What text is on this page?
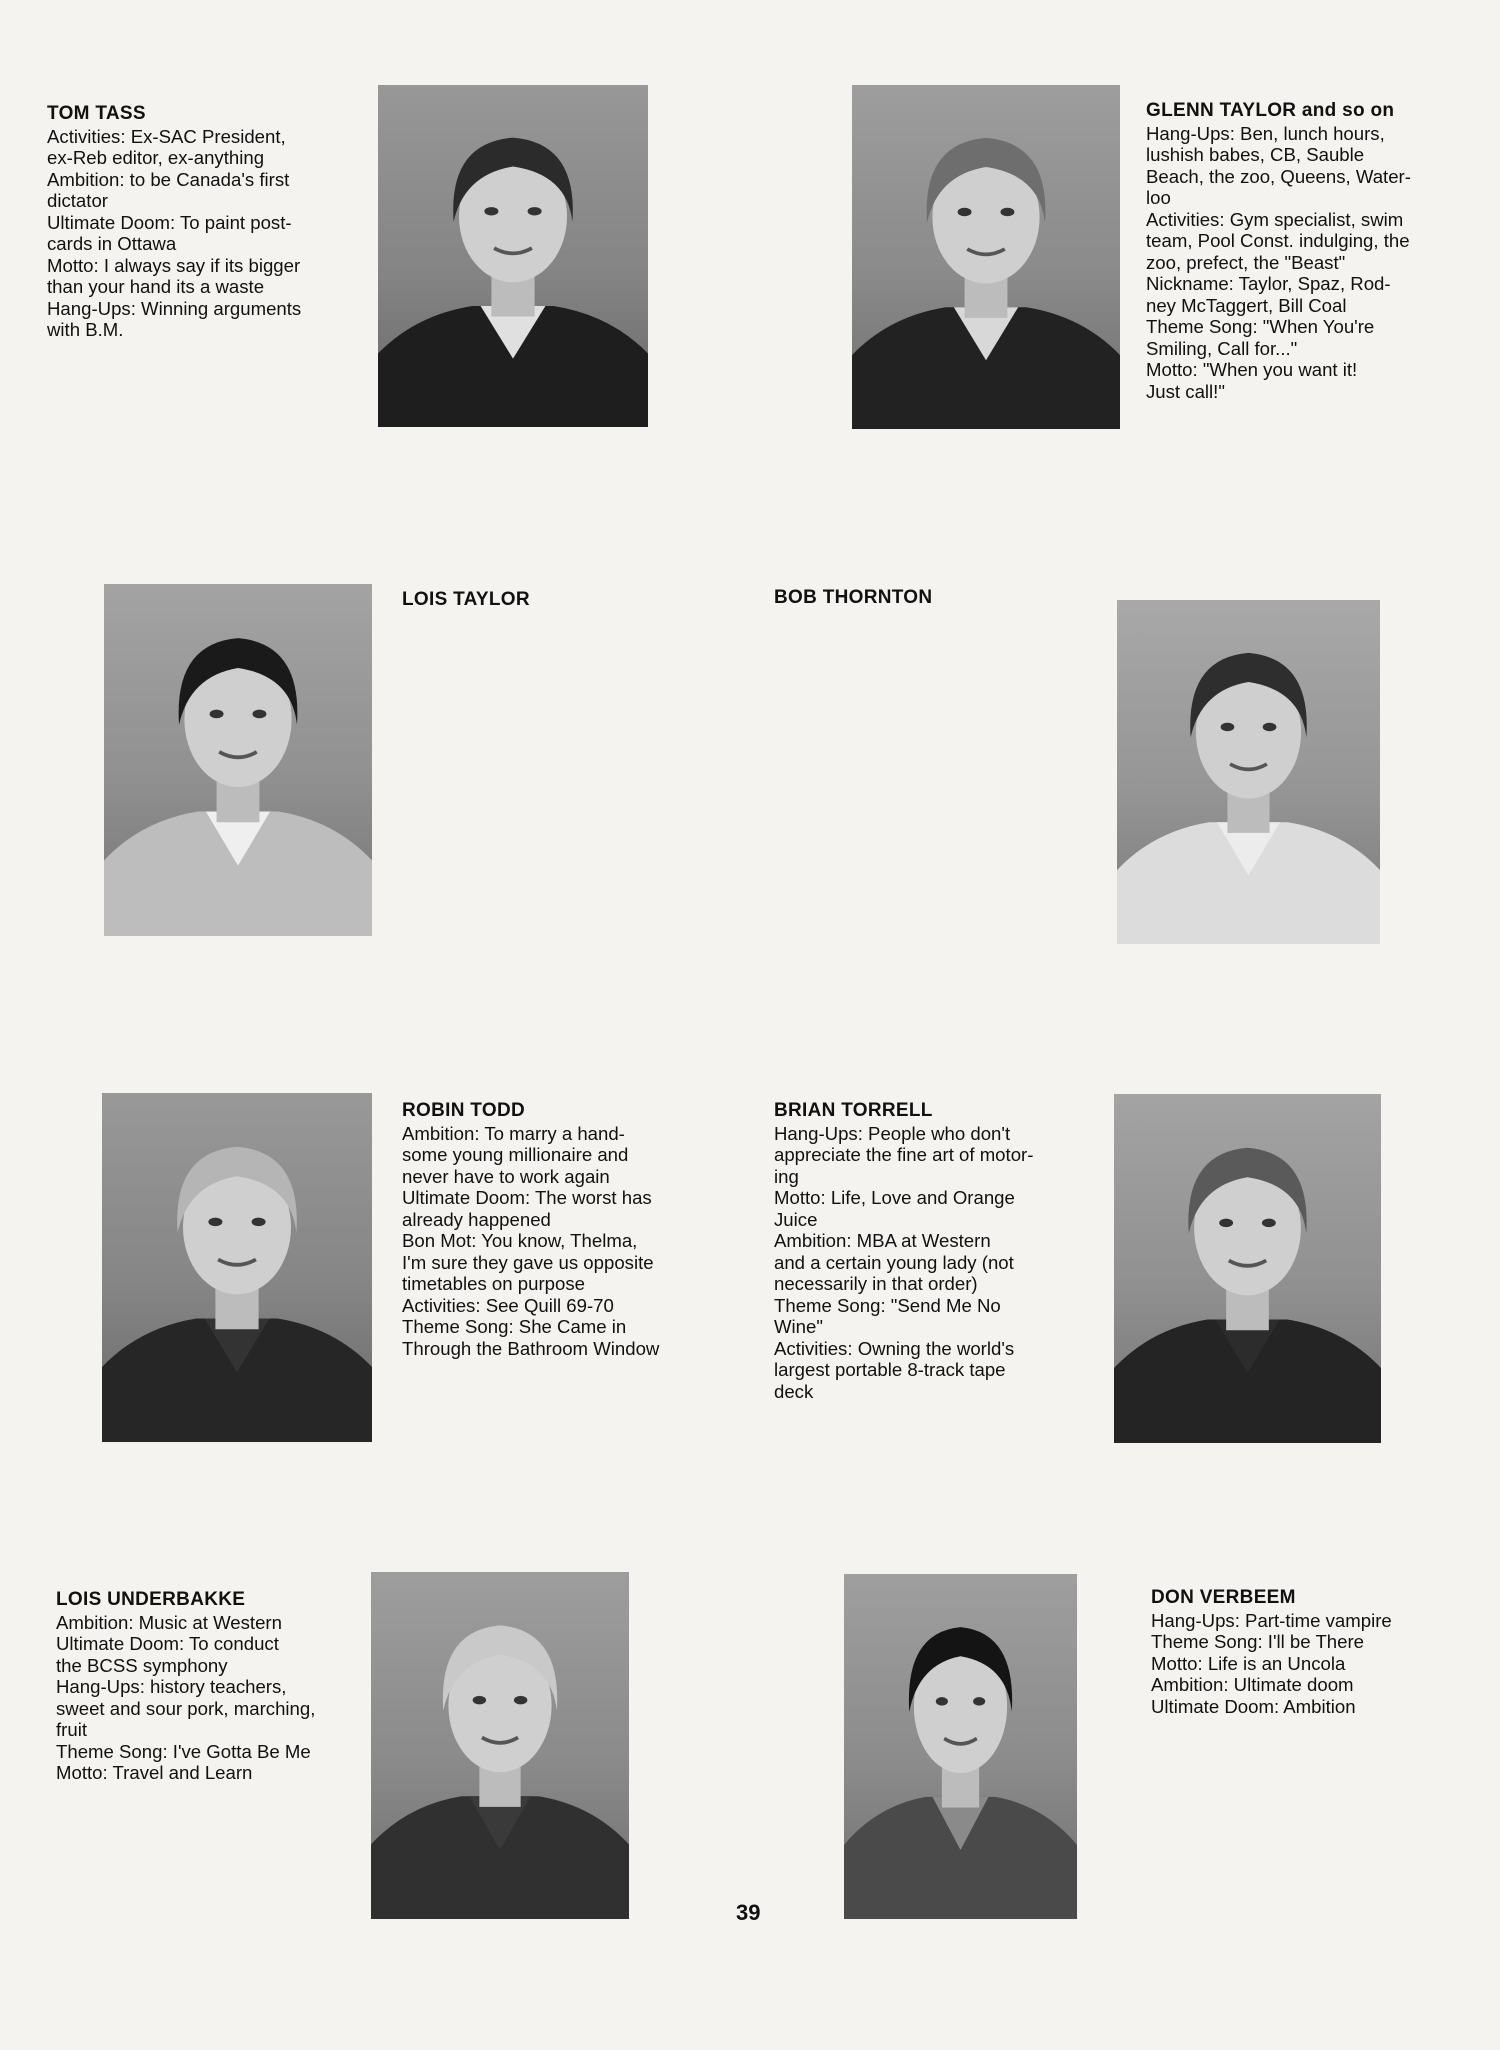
TOM TASS
Activities: Ex-SAC President,
ex-Reb editor, ex-anything
Ambition: to be Canada's first
dictator
Ultimate Doom: To paint post-
cards in Ottawa
Motto: I always say if its bigger
than your hand its a waste
Hang-Ups: Winning arguments
with B.M.
GLENN TAYLOR and so on
Hang-Ups: Ben, lunch hours,
lushish babes, CB, Sauble
Beach, the zoo, Queens, Water-
loo
Activities: Gym specialist, swim
team, Pool Const. indulging, the
zoo, prefect, the "Beast"
Nickname: Taylor, Spaz, Rod-
ney McTaggert, Bill Coal
Theme Song: "When You're
Smiling, Call for..."
Motto: "When you want it!
Just call!"
LOIS TAYLOR	BOB THORNTON
ROBIN TODD
Ambition: To marry a hand-
some young millionaire and
never have to work again
Ultimate Doom: The worst has
already happened
Bon Mot: You know, Thelma,
I'm sure they gave us opposite
timetables on purpose
Activities: See Quill 69-70
Theme Song: She Came in
Through the Bathroom Window
BRIAN TORRELL
Hang-Ups: People who don't
appreciate the fine art of motor-
ing
Motto: Life, Love and Orange
Juice
Ambition: MBA at Western
and a certain young lady (not
necessarily in that order)
Theme Song: "Send Me No
Wine"
Activities: Owning the world's
largest portable 8-track tape
deck
LOIS UNDERBAKKE
Ambition: Music at Western
Ultimate Doom: To conduct
the BCSS symphony
Hang-Ups: history teachers,
sweet and sour pork, marching,
fruit
Theme Song: I've Gotta Be Me
Motto: Travel and Learn
DON VERBEEM
Hang-Ups: Part-time vampire
Theme Song: I'll be There
Motto: Life is an Uncola
Ambition: Ultimate doom
Ultimate Doom: Ambition
39
